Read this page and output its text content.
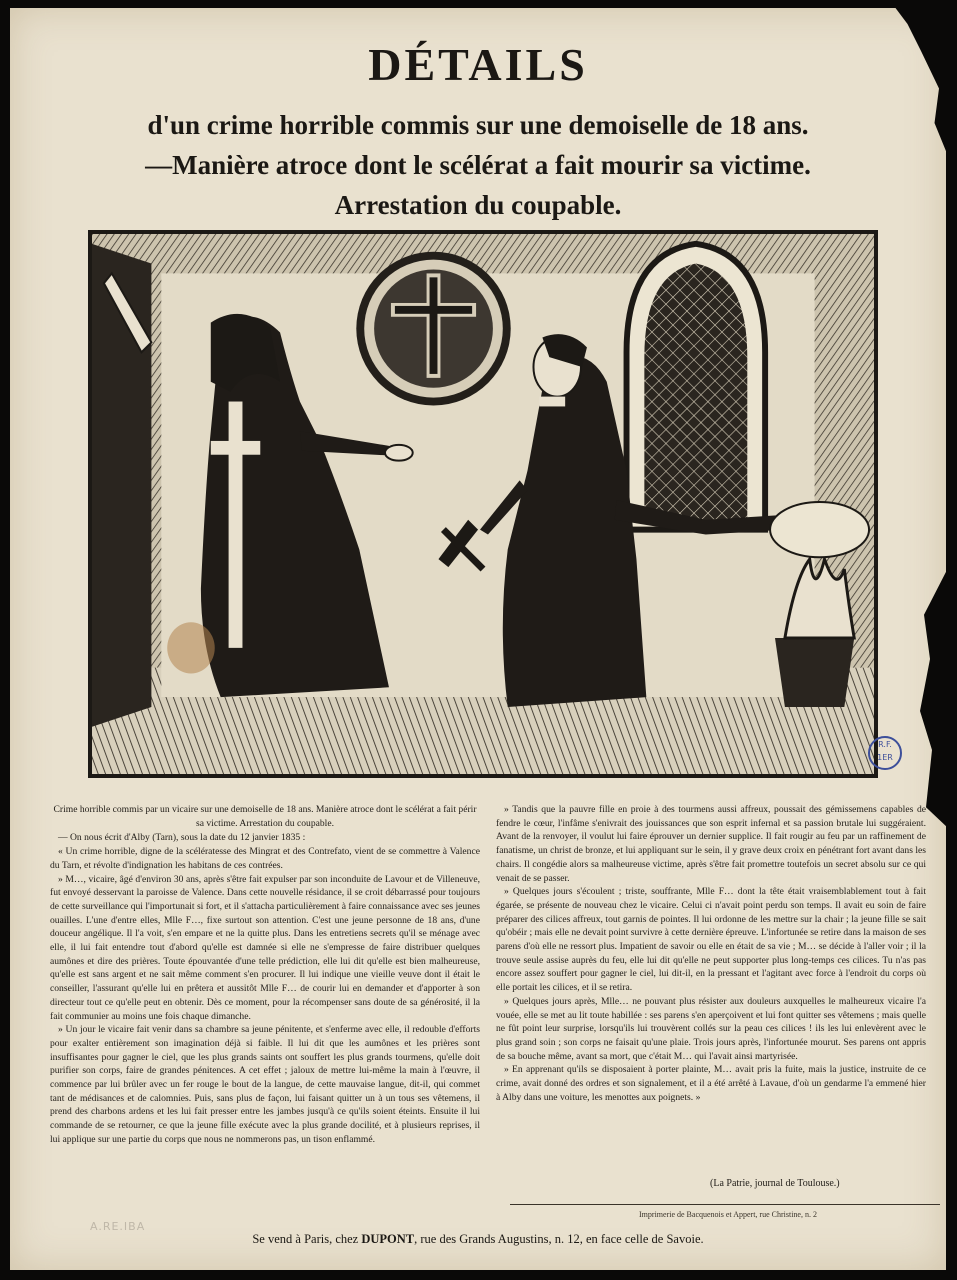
DÉTAILS
d'un crime horrible commis sur une demoiselle de 18 ans.
—Manière atroce dont le scélérat a fait mourir sa victime.
Arrestation du coupable.
R.F. 1ER

Crime horrible commis par un vicaire sur une demoiselle de 18 ans. Manière atroce dont le scélérat a fait périr sa victime. Arrestation du coupable.

— On nous écrit d'Alby (Tarn), sous la date du 12 janvier 1835 :

« Un crime horrible, digne de la scélératesse des Mingrat et des Contrefato, vient de se commettre à Valence du Tarn, et révolte d'indignation les habitans de ces contrées.

» M…, vicaire, âgé d'environ 30 ans, après s'être fait expulser par son inconduite de Lavour et de Villeneuve, fut envoyé desservant la paroisse de Valence. Dans cette nouvelle résidance, il se croit débarrassé pour toujours de cette surveillance qui l'importunait si fort, et il s'attacha particulièrement à faire connaissance avec ses jeunes ouailles. L'une d'entre elles, Mlle F…, fixe surtout son attention. C'est une jeune personne de 18 ans, d'une douceur angélique. Il l'a voit, s'en empare et ne la quitte plus. Dans les entretiens secrets qu'il se ménage avec elle, il lui fait entendre tout d'abord qu'elle est damnée si elle ne s'empresse de faire distribuer quelques aumônes et dire des prières. Toute épouvantée d'une telle prédiction, elle lui dit qu'elle est bien malheureuse, qu'elle est sans argent et ne sait même comment s'en procurer. Il lui indique une vieille veuve dont il était le conseiller, l'assurant qu'elle lui en prêtera et aussitôt Mlle F… de courir lui en demander et d'apporter à son directeur tout ce qu'elle peut en obtenir. Dès ce moment, pour la récompenser sans doute de sa générosité, il la fait communier au moins une fois chaque dimanche.

» Un jour le vicaire fait venir dans sa chambre sa jeune pénitente, et s'enferme avec elle, il redouble d'efforts pour exalter entièrement son imagination déjà si faible. Il lui dit que les aumônes et les prières sont insuffisantes pour gagner le ciel, que les plus grands saints ont souffert les plus grands tourmens, qu'elle doit purifier son corps, faire de grandes pénitences. A cet effet ; jaloux de mettre lui-même la main à l'œuvre, il commence par lui brûler avec un fer rouge le bout de la langue, de cette mauvaise langue, dit-il, qui commet tant de médisances et de calomnies. Puis, sans plus de façon, lui faisant quitter un à un tous ses vêtemens, il prend des charbons ardens et les lui fait presser entre les jambes jusqu'à ce qu'ils soient éteints. Ensuite il lui commande de se retourner, ce que la jeune fille exécute avec la plus grande docilité, et à plusieurs reprises, il lui applique sur une partie du corps que nous ne nommerons pas, un tison enflammé.

» Tandis que la pauvre fille en proie à des tourmens aussi affreux, poussait des gémissemens capables de fendre le cœur, l'infâme s'enivrait des jouissances que son esprit infernal et sa passion brutale lui suggéraient. Avant de la renvoyer, il voulut lui faire éprouver un dernier supplice. Il fait rougir au feu par un raffinement de fanatisme, un christ de bronze, et lui appliquant sur le sein, il y grave deux croix en pénétrant fort avant dans les chairs. Il congédie alors sa malheureuse victime, après s'être fait promettre toutefois un secret absolu sur ce qui venait de se passer.

» Quelques jours s'écoulent ; triste, souffrante, Mlle F… dont la tête était vraisemblablement tout à fait égarée, se présente de nouveau chez le vicaire. Celui ci n'avait point perdu son temps. Il avait eu soin de faire préparer des cilices affreux, tout garnis de pointes. Il lui ordonne de les mettre sur la chair ; la jeune fille se sait qu'obéir ; mais elle ne devait point survivre à cette dernière épreuve. L'infortunée se retire dans la maison de ses parens d'où elle ne ressort plus. Impatient de savoir ou elle en était de sa vie ; M… se décide à l'aller voir ; il la trouve seule assise auprès du feu, elle lui dit qu'elle ne peut supporter plus long-temps ces cilices. Tu n'as pas encore assez souffert pour gagner le ciel, lui dit-il, en la pressant et l'agitant avec force à l'endroit du corps où elle portait les cilices, et il se retira.

» Quelques jours après, Mlle… ne pouvant plus résister aux douleurs auxquelles le malheureux vicaire l'a vouée, elle se met au lit toute habillée : ses parens s'en aperçoivent et lui font quitter ses vêtemens ; mais quelle ne fût point leur surprise, lorsqu'ils lui trouvèrent collés sur la peau ces cilices ! ils les lui enlevèrent avec le plus grand soin ; son corps ne faisait qu'une plaie. Trois jours après, l'infortunée mourut. Ses parens ont appris de sa bouche même, avant sa mort, que c'était M… qui l'avait ainsi martyrisée.

» En apprenant qu'ils se disposaient à porter plainte, M… avait pris la fuite, mais la justice, instruite de ce crime, avait donné des ordres et son signalement, et il a été arrêté à Lavaue, d'où un gendarme l'a emmené hier à Alby dans une voiture, les menottes aux poignets. »

(La Patrie, journal de Toulouse.)
Imprimerie de Bacquenois et Appert, rue Christine, n. 2
A.RE.IBA
Se vend à Paris, chez DUPONT, rue des Grands Augustins, n. 12, en face celle de Savoie.
